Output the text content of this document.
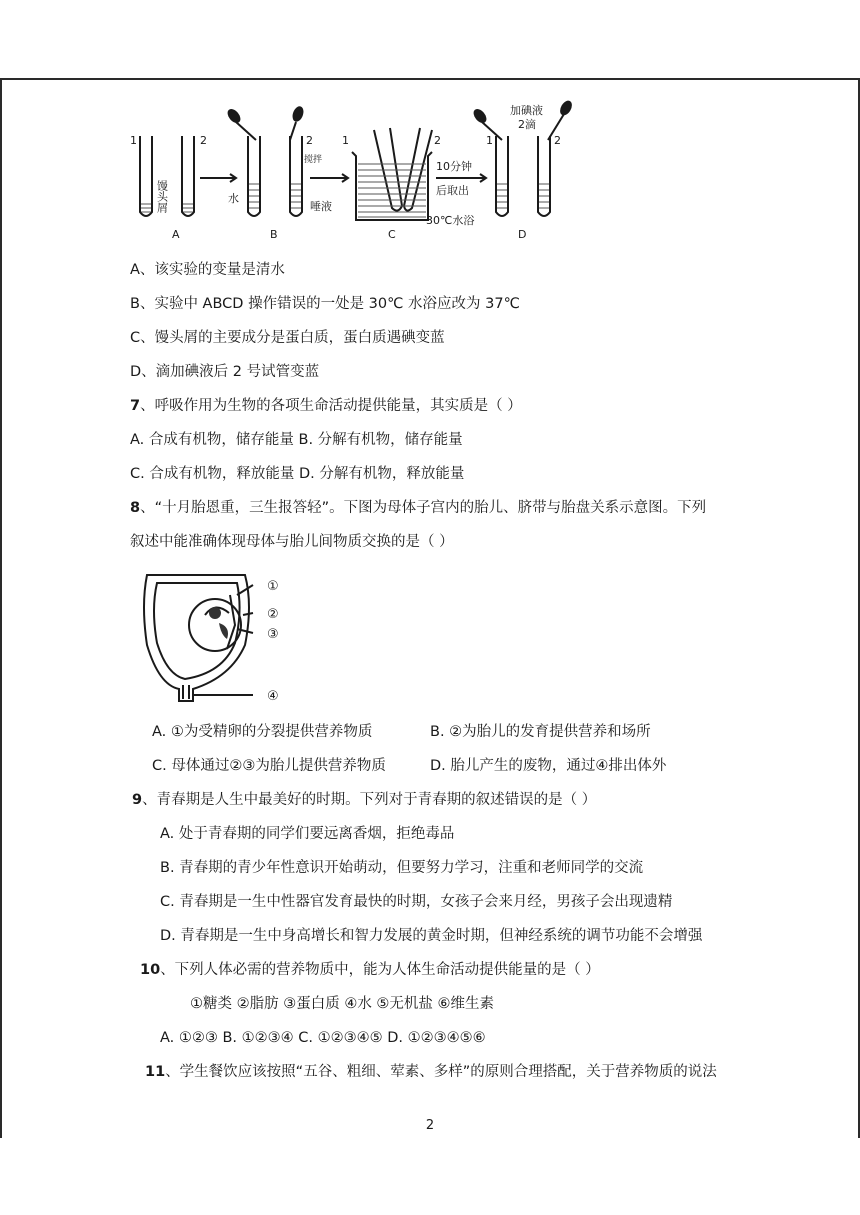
1	2
馒头屑	水
2
搅拌
唾液
1	2
10分钟
后取出
30℃水浴
加碘液
2滴
1	2
A	B	C	D
A、该实验的变量是清水
B、实验中 ABCD 操作错误的一处是 30℃ 水浴应改为 37℃
C、馒头屑的主要成分是蛋白质，蛋白质遇碘变蓝
D、滴加碘液后 2 号试管变蓝
7、呼吸作用为生物的各项生命活动提供能量，其实质是（ ）
A. 合成有机物，储存能量 B. 分解有机物，储存能量
C. 合成有机物，释放能量 D. 分解有机物，释放能量
8、“十月胎恩重，三生报答轻”。下图为母体子宫内的胎儿、脐带与胎盘关系示意图。下列
叙述中能准确体现母体与胎儿间物质交换的是（ ）
①
②
③
④
A. ①为受精卵的分裂提供营养物质	B. ②为胎儿的发育提供营养和场所
C. 母体通过②③为胎儿提供营养物质	D. 胎儿产生的废物，通过④排出体外
9、青春期是人生中最美好的时期。下列对于青春期的叙述错误的是（ ）
A. 处于青春期的同学们要远离香烟，拒绝毒品
B. 青春期的青少年性意识开始萌动，但要努力学习，注重和老师同学的交流
C. 青春期是一生中性器官发育最快的时期，女孩子会来月经，男孩子会出现遗精
D. 青春期是一生中身高增长和智力发展的黄金时期，但神经系统的调节功能不会增强
10、下列人体必需的营养物质中，能为人体生命活动提供能量的是（ ）
①糖类 ②脂肪 ③蛋白质 ④水 ⑤无机盐 ⑥维生素
A. ①②③ B. ①②③④ C. ①②③④⑤ D. ①②③④⑤⑥
11、学生餐饮应该按照“五谷、粗细、荤素、多样”的原则合理搭配，关于营养物质的说法
2
